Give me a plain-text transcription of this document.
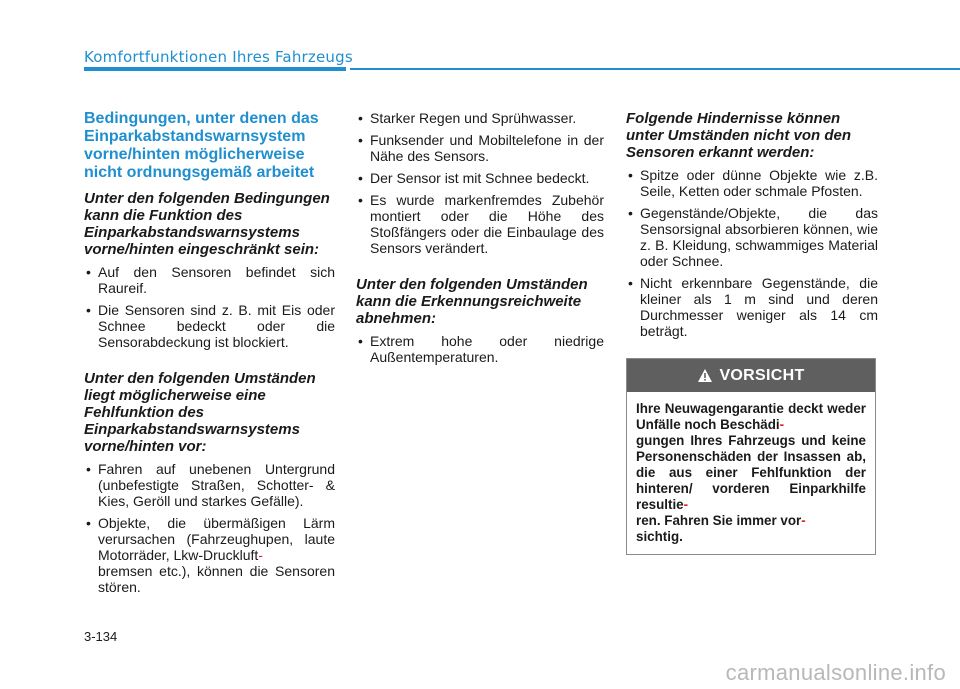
Komfortfunktionen Ihres Fahrzeugs
Bedingungen, unter denen das Einparkabstandswarnsystem vorne/hinten möglicherweise nicht ordnungsgemäß arbeitet
Unter den folgenden Bedingungen kann die Funktion des Einparkabstandswarnsystems vorne/hinten eingeschränkt sein:
• Auf den Sensoren befindet sich Raureif.
• Die Sensoren sind z. B. mit Eis oder Schnee bedeckt oder die Sensorabdeckung ist blockiert.
Unter den folgenden Umständen liegt möglicherweise eine Fehlfunktion des Einparkabstandswarnsystems vorne/hinten vor:
• Fahren auf unebenen Untergrund (unbefestigte Straßen, Schotter- & Kies, Geröll und starkes Gefälle).
• Objekte, die übermäßigen Lärm verursachen (Fahrzeughupen, laute Motorräder, Lkw-Druckluft-
bremsen etc.), können die Sensoren stören.
• Starker Regen und Sprühwasser.
• Funksender und Mobiltelefone in der Nähe des Sensors.
• Der Sensor ist mit Schnee bedeckt.
• Es wurde markenfremdes Zubehör montiert oder die Höhe des Stoßfängers oder die Einbaulage des Sensors verändert.
Unter den folgenden Umständen kann die Erkennungsreichweite abnehmen:
• Extrem hohe oder niedrige Außentemperaturen.
Folgende Hindernisse können unter Umständen nicht von den Sensoren erkannt werden:
• Spitze oder dünne Objekte wie z.B. Seile, Ketten oder schmale Pfosten.
• Gegenstände/Objekte, die das Sensorsignal absorbieren können, wie z. B. Kleidung, schwammiges Material oder Schnee.
• Nicht erkennbare Gegenstände, die kleiner als 1 m sind und deren Durchmesser weniger als 14 cm beträgt.
VORSICHT
Ihre Neuwagengarantie deckt weder Unfälle noch Beschädi-
gungen Ihres Fahrzeugs und keine Personenschäden der Insassen ab, die aus einer Fehlfunktion der hinteren/ vorderen Einparkhilfe resultie-
ren. Fahren Sie immer vor-
sichtig.
3-134
carmanualsonline.info
